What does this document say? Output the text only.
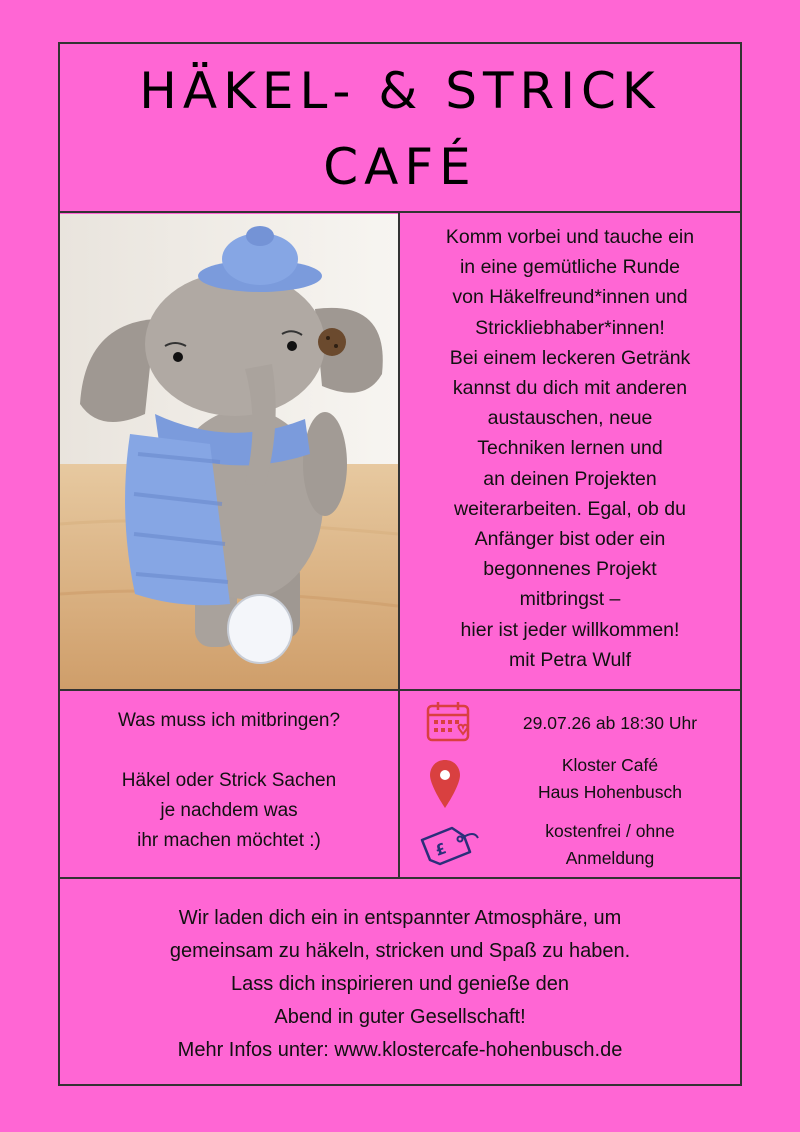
HÄKEL- & STRICK
CAFÉ
Komm vorbei und tauche ein
in eine gemütliche Runde
von Häkelfreund*innen und
Strickliebhaber*innen!
Bei einem leckeren Getränk
kannst du dich mit anderen
austauschen, neue
Techniken lernen und
an deinen Projekten
weiterarbeiten. Egal, ob du
Anfänger bist oder ein
begonnenes Projekt
mitbringst –
hier ist jeder willkommen!
mit Petra Wulf
Was muss ich mitbringen?
Häkel oder Strick Sachen
je nachdem was
ihr machen möchtet :)
29.07.26 ab 18:30 Uhr
Kloster Café
Haus Hohenbusch
£
kostenfrei / ohne
Anmeldung
Wir laden dich ein in entspannter Atmosphäre, um
gemeinsam zu häkeln, stricken und Spaß zu haben.
Lass dich inspirieren und genieße den
Abend in guter Gesellschaft!
Mehr Infos unter: www.klostercafe-hohenbusch.de
